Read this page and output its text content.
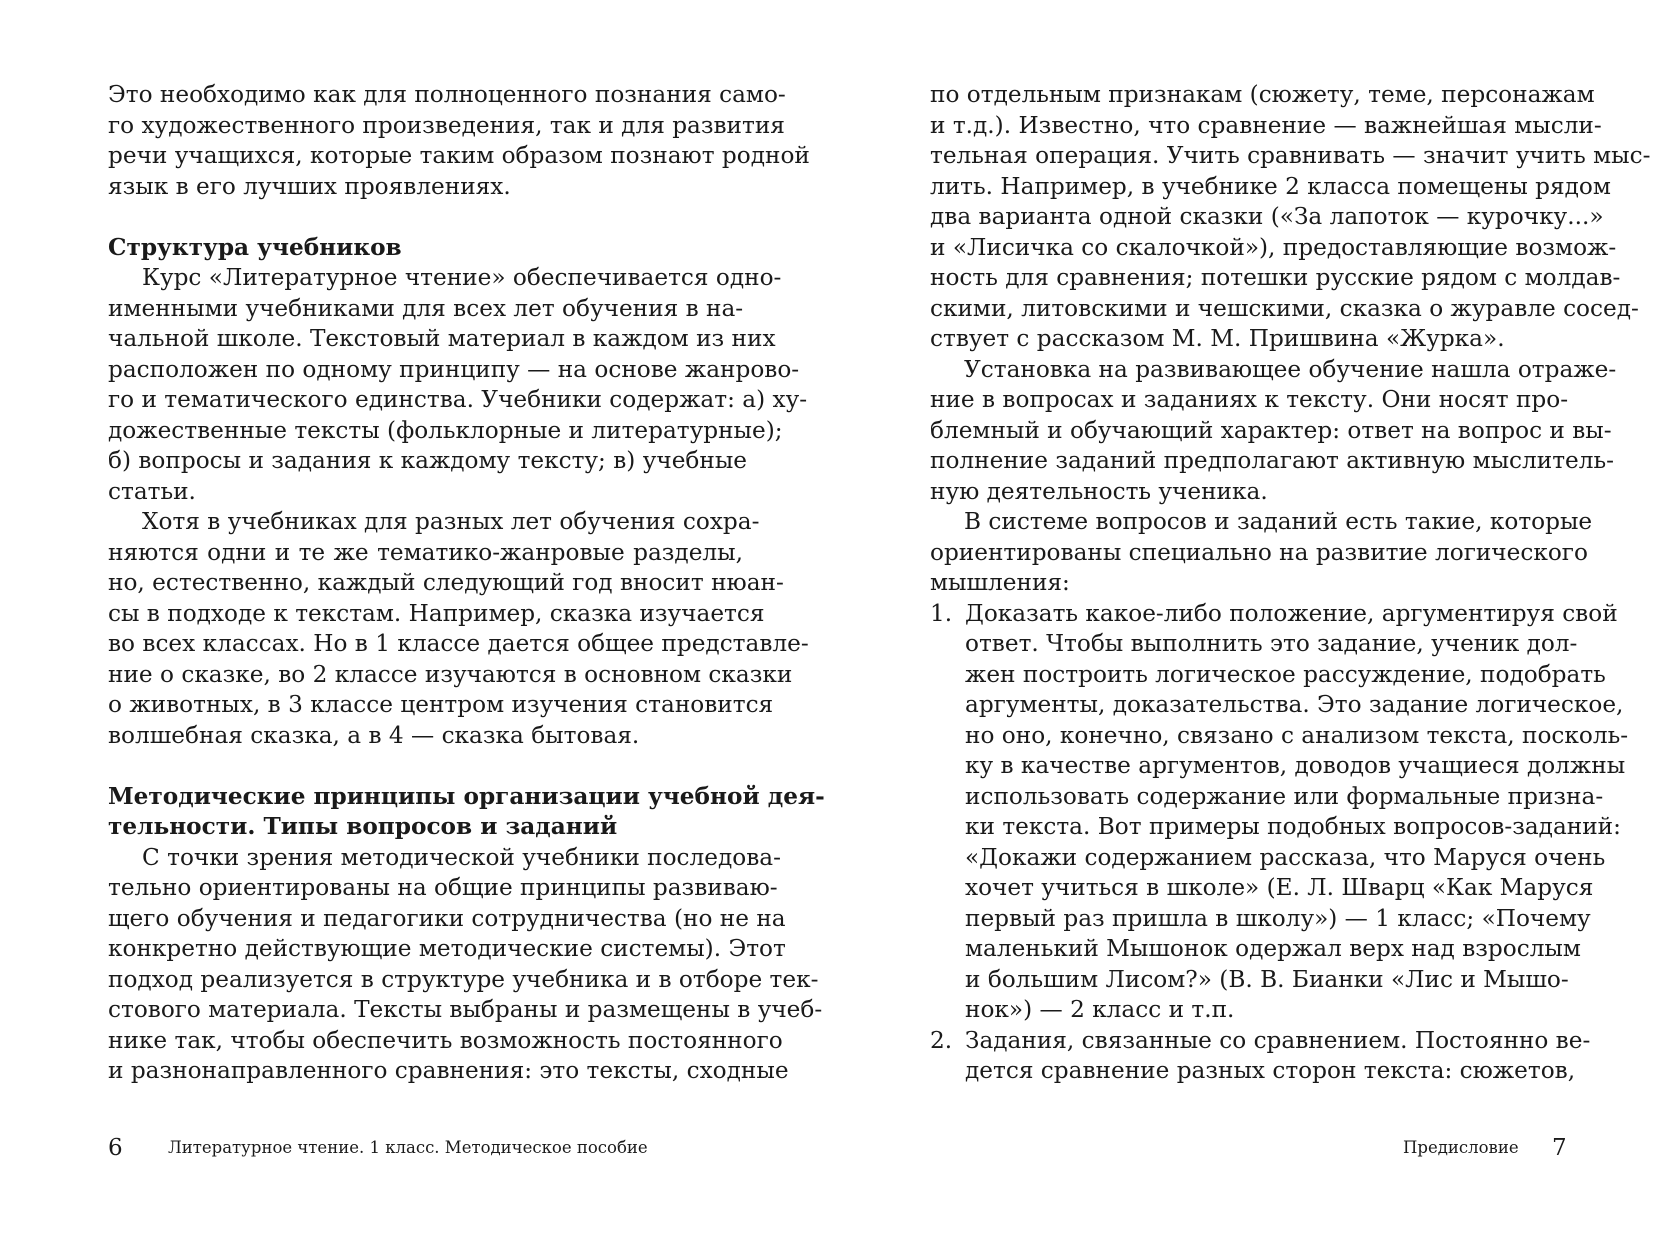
Это необходимо как для полноценного познания само-
го художественного произведения, так и для развития
речи учащихся, которые таким образом познают родной
язык в его лучших проявлениях.
Структура учебников
Курс «Литературное чтение» обеспечивается одно-
именными учебниками для всех лет обучения в на-
чальной школе. Текстовый материал в каждом из них
расположен по одному принципу — на основе жанрово-
го и тематического единства. Учебники содержат: а) ху-
дожественные тексты (фольклорные и литературные);
б) вопросы и задания к каждому тексту; в) учебные
статьи.
Хотя в учебниках для разных лет обучения сохра-
няются одни и те же тематико-жанровые разделы,
но, естественно, каждый следующий год вносит нюан-
сы в подходе к текстам. Например, сказка изучается
во всех классах. Но в 1 классе дается общее представле-
ние о сказке, во 2 классе изучаются в основном сказки
о животных, в 3 классе центром изучения становится
волшебная сказка, а в 4 — сказка бытовая.
Методические принципы организации учебной дея-
тельности. Типы вопросов и заданий
С точки зрения методической учебники последова-
тельно ориентированы на общие принципы развиваю-
щего обучения и педагогики сотрудничества (но не на
конкретно действующие методические системы). Этот
подход реализуется в структуре учебника и в отборе тек-
стового материала. Тексты выбраны и размещены в учеб-
нике так, чтобы обеспечить возможность постоянного
и разнонаправленного сравнения: это тексты, сходные
6	Литературное чтение. 1 класс. Методическое пособие
по отдельным признакам (сюжету, теме, персонажам
и т.д.). Известно, что сравнение — важнейшая мысли-
тельная операция. Учить сравнивать — значит учить мыс-
лить. Например, в учебнике 2 класса помещены рядом
два варианта одной сказки («За лапоток — курочку...»
и «Лисичка со скалочкой»), предоставляющие возмож-
ность для сравнения; потешки русские рядом с молдав-
скими, литовскими и чешскими, сказка о журавле сосед-
ствует с рассказом М. М. Пришвина «Журка».
Установка на развивающее обучение нашла отраже-
ние в вопросах и заданиях к тексту. Они носят про-
блемный и обучающий характер: ответ на вопрос и вы-
полнение заданий предполагают активную мыслитель-
ную деятельность ученика.
В системе вопросов и заданий есть такие, которые
ориентированы специально на развитие логического
мышления:
1. Доказать какое-либо положение, аргументируя свой
ответ. Чтобы выполнить это задание, ученик дол-
жен построить логическое рассуждение, подобрать
аргументы, доказательства. Это задание логическое,
но оно, конечно, связано с анализом текста, посколь-
ку в качестве аргументов, доводов учащиеся должны
использовать содержание или формальные призна-
ки текста. Вот примеры подобных вопросов-заданий:
«Докажи содержанием рассказа, что Маруся очень
хочет учиться в школе» (Е. Л. Шварц «Как Маруся
первый раз пришла в школу») — 1 класс; «Почему
маленький Мышонок одержал верх над взрослым
и большим Лисом?» (В. В. Бианки «Лис и Мышо-
нок») — 2 класс и т.п.
2. Задания, связанные со сравнением. Постоянно ве-
дется сравнение разных сторон текста: сюжетов,
Предисловие 7
